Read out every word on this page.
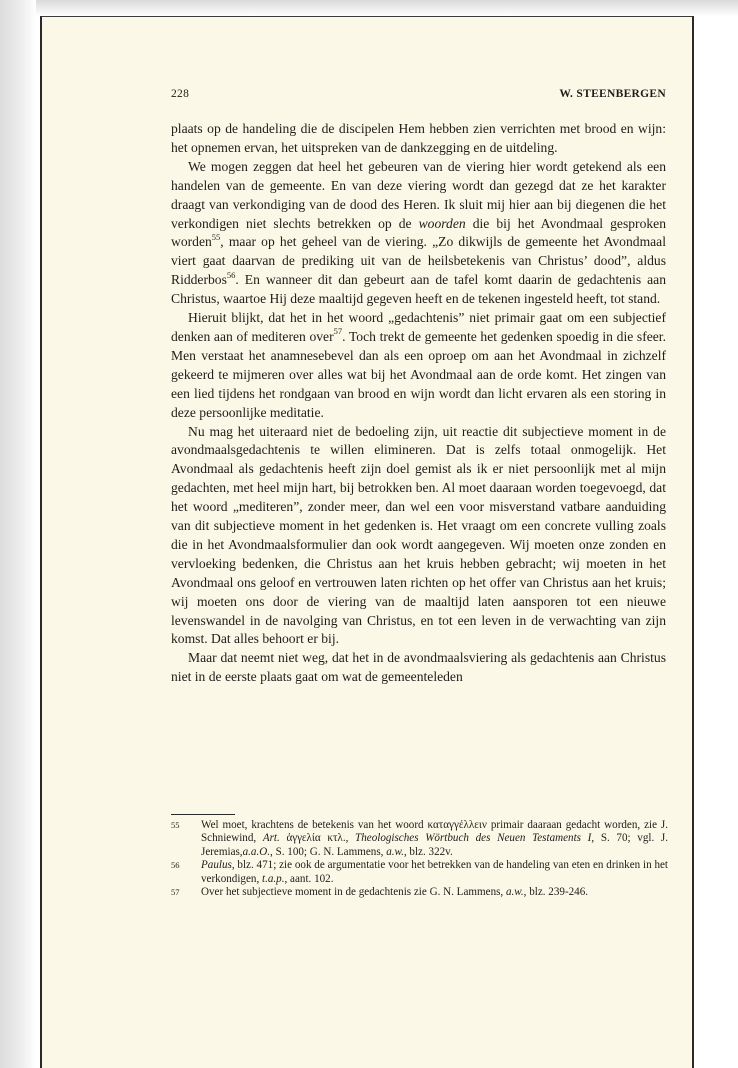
228	W. STEENBERGEN

plaats op de handeling die de discipelen Hem hebben zien verrichten met brood en wijn: het opnemen ervan, het uitspreken van de dankzegging en de uitdeling.

We mogen zeggen dat heel het gebeuren van de viering hier wordt getekend als een handelen van de gemeente. En van deze viering wordt dan gezegd dat ze het karakter draagt van verkondiging van de dood des Heren. Ik sluit mij hier aan bij diegenen die het verkondigen niet slechts betrekken op de woorden die bij het Avondmaal gesproken worden$^{55}$, maar op het geheel van de viering. „Zo dikwijls de gemeente het Avondmaal viert gaat daarvan de prediking uit van de heilsbetekenis van Christus’ dood”, aldus Ridderbos$^{56}$. En wanneer dit dan gebeurt aan de tafel komt daarin de gedachtenis aan Christus, waartoe Hij deze maaltijd gegeven heeft en de tekenen ingesteld heeft, tot stand.

Hieruit blijkt, dat het in het woord „gedachtenis” niet primair gaat om een subjectief denken aan of mediteren over$^{57}$. Toch trekt de gemeente het gedenken spoedig in die sfeer. Men verstaat het anamnesebevel dan als een oproep om aan het Avondmaal in zichzelf gekeerd te mijmeren over alles wat bij het Avondmaal aan de orde komt. Het zingen van een lied tijdens het rondgaan van brood en wijn wordt dan licht ervaren als een storing in deze persoonlijke meditatie.

Nu mag het uiteraard niet de bedoeling zijn, uit reactie dit subjectieve moment in de avondmaalsgedachtenis te willen elimineren. Dat is zelfs totaal onmogelijk. Het Avondmaal als gedachtenis heeft zijn doel gemist als ik er niet persoonlijk met al mijn gedachten, met heel mijn hart, bij betrokken ben. Al moet daaraan worden toegevoegd, dat het woord „mediteren”, zonder meer, dan wel een voor misverstand vatbare aanduiding van dit subjectieve moment in het gedenken is. Het vraagt om een concrete vulling zoals die in het Avondmaalsformulier dan ook wordt aangegeven. Wij moeten onze zonden en vervloeking bedenken, die Christus aan het kruis hebben gebracht; wij moeten in het Avondmaal ons geloof en vertrouwen laten richten op het offer van Christus aan het kruis; wij moeten ons door de viering van de maaltijd laten aansporen tot een nieuwe levenswandel in de navolging van Christus, en tot een leven in de verwachting van zijn komst. Dat alles behoort er bij.

Maar dat neemt niet weg, dat het in de avondmaalsviering als gedachtenis aan Christus niet in de eerste plaats gaat om wat de gemeenteleden

55 Wel moet, krachtens de betekenis van het woord καταγγέλλειν primair daaraan gedacht worden, zie J. Schniewind, Art. ἀγγελία κτλ., Theologisches Wörtbuch des Neuen Testaments I, S. 70; vgl. J. Jeremias,a.a.O., S. 100; G. N. Lammens, a.w., blz. 322v.

56 Paulus, blz. 471; zie ook de argumentatie voor het betrekken van de handeling van eten en drinken in het verkondigen, t.a.p., aant. 102.

57 Over het subjectieve moment in de gedachtenis zie G. N. Lammens, a.w., blz. 239-246.
